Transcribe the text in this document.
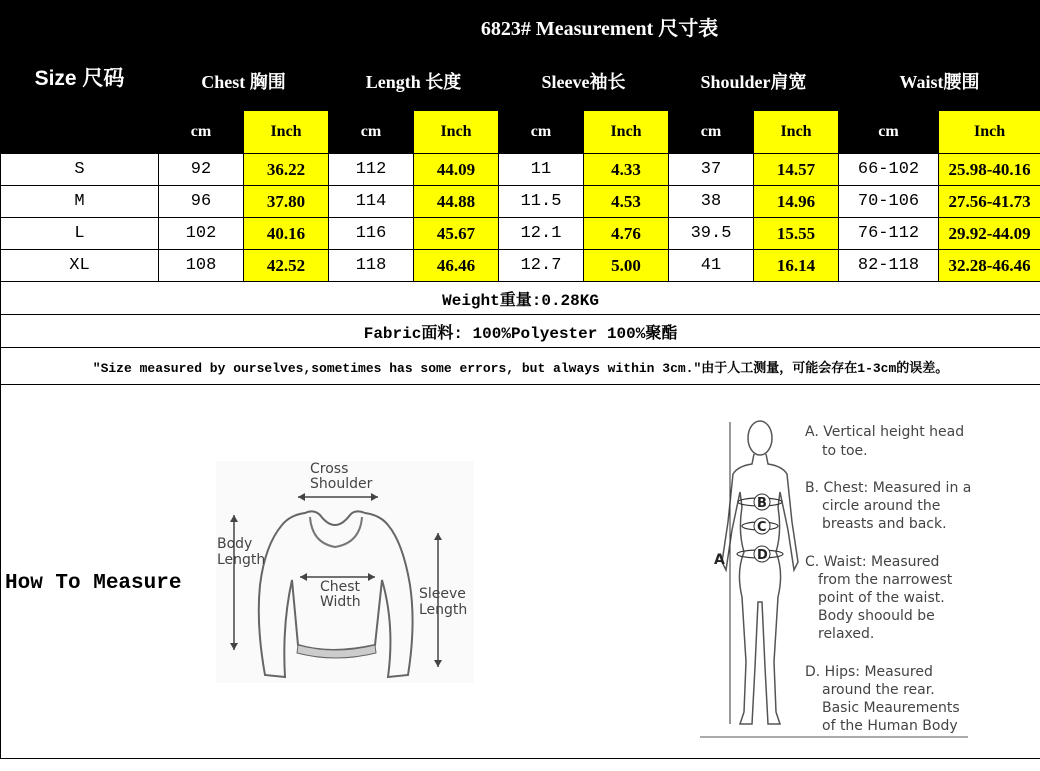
Size 尺码	6823# Measurement 尺寸表									
	Chest 胸围		Length 长度		Sleeve袖长		Shoulder肩宽		Waist腰围	
	cm	Inch	cm	Inch	cm	Inch	cm	Inch	cm	Inch
S	92	36.22	112	44.09	11	4.33	37	14.57	66-102	25.98-40.16
M	96	37.80	114	44.88	11.5	4.53	38	14.96	70-106	27.56-41.73
L	102	40.16	116	45.67	12.1	4.76	39.5	15.55	76-112	29.92-44.09
XL	108	42.52	118	46.46	12.7	5.00	41	16.14	82-118	32.28-46.46
Weight重量:0.28KG										
Fabric面料: 100%Polyester 100%聚酯										
"Size measured by ourselves,sometimes has some errors, but always within 3cm."由于人工测量，可能会存在1-3cm的误差。										

How To Measure
Cross
Shoulder
Body
Length
Chest
Width	Sleeve
Length
A
B
C
D
A. Vertical height head
to toe.
B. Chest: Measured in a
circle around the
breasts and back.
C. Waist: Measured
from the narrowest
point of the waist.
Body shoould be
relaxed.
D. Hips: Measured
around the rear.
Basic Meaurements
of the Human Body
